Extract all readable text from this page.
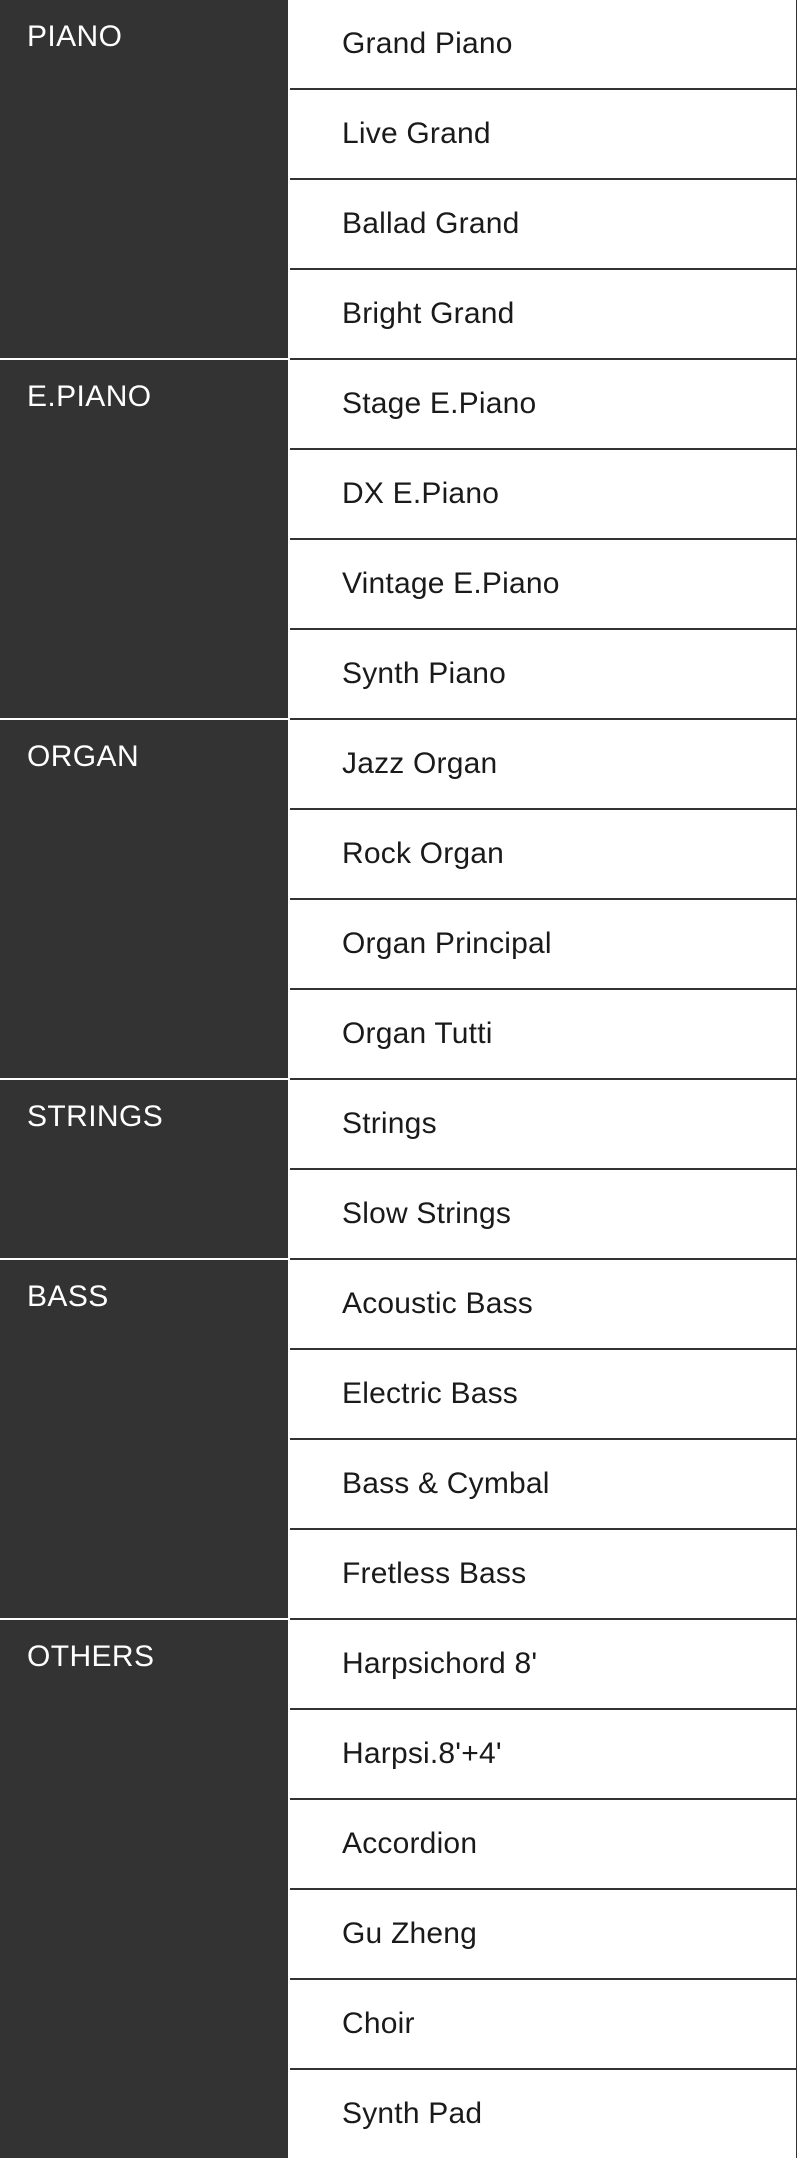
PIANO	Grand Piano
	Live Grand
	Ballad Grand
	Bright Grand
E.PIANO	Stage E.Piano
	DX E.Piano
	Vintage E.Piano
	Synth Piano
ORGAN	Jazz Organ
	Rock Organ
	Organ Principal
	Organ Tutti
STRINGS	Strings
	Slow Strings
BASS	Acoustic Bass
	Electric Bass
	Bass & Cymbal
	Fretless Bass
OTHERS	Harpsichord 8'
	Harpsi.8'+4'
	Accordion
	Gu Zheng
	Choir
	Synth Pad
